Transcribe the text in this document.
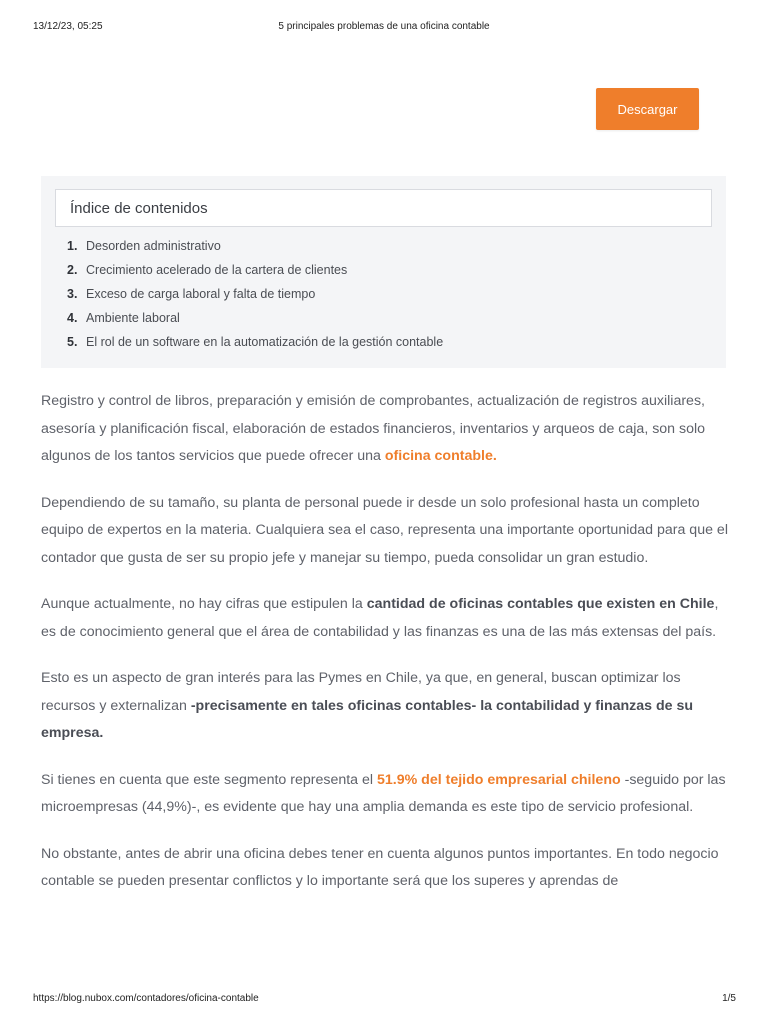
13/12/23, 05:25	5 principales problemas de una oficina contable
Descargar
Índice de contenidos
1. Desorden administrativo
2. Crecimiento acelerado de la cartera de clientes
3. Exceso de carga laboral y falta de tiempo
4. Ambiente laboral
5. El rol de un software en la automatización de la gestión contable

Registro y control de libros, preparación y emisión de comprobantes, actualización de registros auxiliares, asesoría y planificación fiscal, elaboración de estados financieros, inventarios y arqueos de caja, son solo algunos de los tantos servicios que puede ofrecer una oficina contable.

Dependiendo de su tamaño, su planta de personal puede ir desde un solo profesional hasta un completo equipo de expertos en la materia. Cualquiera sea el caso, representa una importante oportunidad para que el contador que gusta de ser su propio jefe y manejar su tiempo, pueda consolidar un gran estudio.

Aunque actualmente, no hay cifras que estipulen la cantidad de oficinas contables que existen en Chile, es de conocimiento general que el área de contabilidad y las finanzas es una de las más extensas del país.

Esto es un aspecto de gran interés para las Pymes en Chile, ya que, en general, buscan optimizar los recursos y externalizan -precisamente en tales oficinas contables- la contabilidad y finanzas de su empresa.

Si tienes en cuenta que este segmento representa el 51.9% del tejido empresarial chileno -seguido por las microempresas (44,9%)-, es evidente que hay una amplia demanda es este tipo de servicio profesional.

No obstante, antes de abrir una oficina debes tener en cuenta algunos puntos importantes. En todo negocio contable se pueden presentar conflictos y lo importante será que los superes y aprendas de

https://blog.nubox.com/contadores/oficina-contable	1/5
